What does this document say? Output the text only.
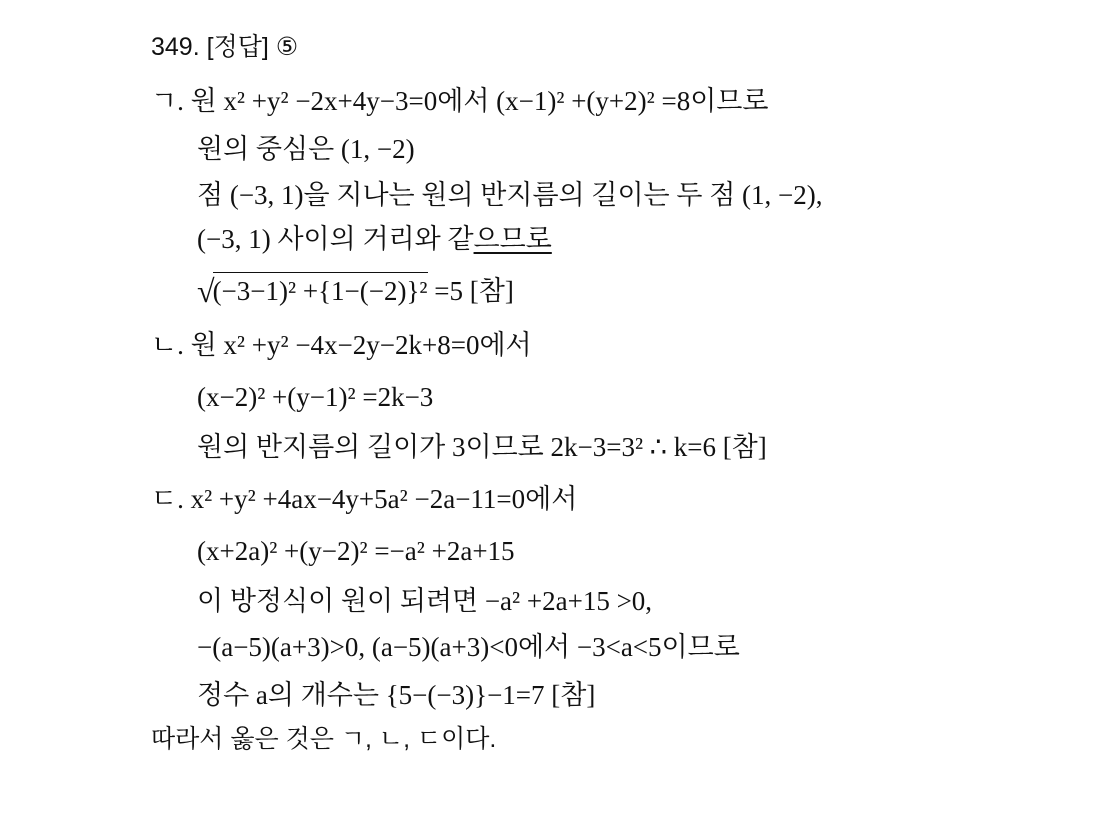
349. [정답] ⑤
ㄱ. 원 x² +y² −2x+4y−3=0에서 (x−1)² +(y+2)² =8이므로
원의 중심은 (1, −2)
점 (−3, 1)을 지나는 원의 반지름의 길이는 두 점 (1, −2),
(−3, 1) 사이의 거리와 같으므로
√(−3−1)² +{1−(−2)}² =5 [참]
ㄴ. 원 x² +y² −4x−2y−2k+8=0에서
(x−2)² +(y−1)² =2k−3
원의 반지름의 길이가 3이므로 2k−3=3² ∴ k=6 [참]
ㄷ. x² +y² +4ax−4y+5a² −2a−11=0에서
(x+2a)² +(y−2)² =−a² +2a+15
이 방정식이 원이 되려면 −a² +2a+15 >0,
−(a−5)(a+3)>0, (a−5)(a+3)<0에서 −3<a<5이므로
정수 a의 개수는 {5−(−3)}−1=7 [참]
따라서 옳은 것은 ㄱ, ㄴ, ㄷ이다.
